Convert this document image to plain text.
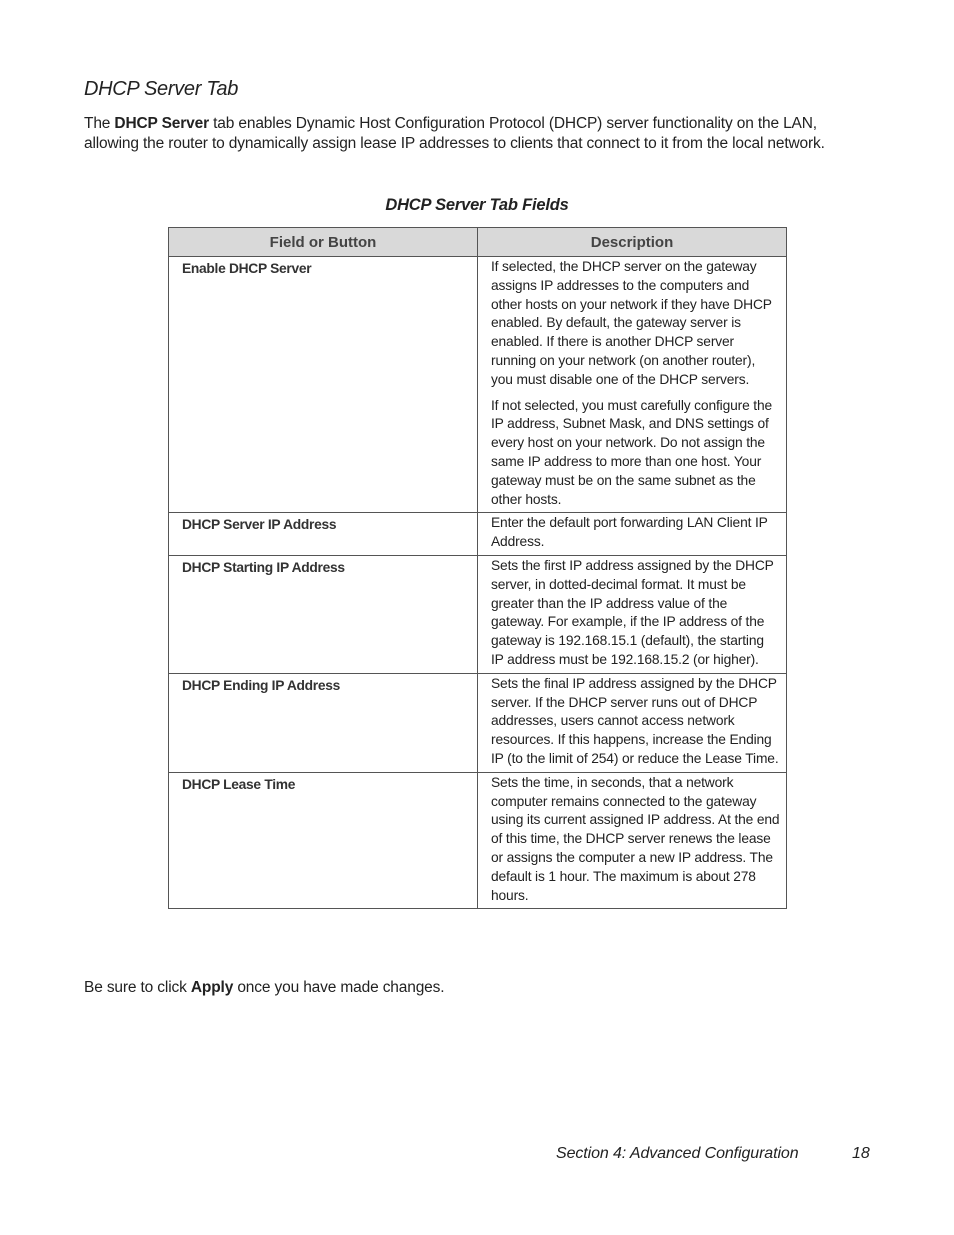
DHCP Server Tab
The DHCP Server tab enables Dynamic Host Configuration Protocol (DHCP) server functionality on the LAN, allowing the router to dynamically assign lease IP addresses to clients that connect to it from the local network.
DHCP Server Tab Fields
Field or Button	Description

Enable DHCP Server	If selected, the DHCP server on the gateway assigns IP addresses to the computers and other hosts on your network if they have DHCP enabled. By default, the gateway server is enabled. If there is another DHCP server running on your network (on another router), you must disable one of the DHCP servers.

If not selected, you must carefully configure the IP address, Subnet Mask, and DNS settings of every host on your network. Do not assign the same IP address to more than one host. Your gateway must be on the same subnet as the other hosts.

DHCP Server IP Address	Enter the default port forwarding LAN Client IP Address.

DHCP Starting IP Address	Sets the first IP address assigned by the DHCP server, in dotted-decimal format. It must be greater than the IP address value of the gateway. For example, if the IP address of the gateway is 192.168.15.1 (default), the starting IP address must be 192.168.15.2 (or higher).

DHCP Ending IP Address	Sets the final IP address assigned by the DHCP server. If the DHCP server runs out of DHCP addresses, users cannot access network resources. If this happens, increase the Ending IP (to the limit of 254) or reduce the Lease Time.

DHCP Lease Time	Sets the time, in seconds, that a network computer remains connected to the gateway using its current assigned IP address. At the end of this time, the DHCP server renews the lease or assigns the computer a new IP address. The default is 1 hour. The maximum is about 278 hours.

Be sure to click Apply once you have made changes.
Section 4: Advanced Configuration	18
